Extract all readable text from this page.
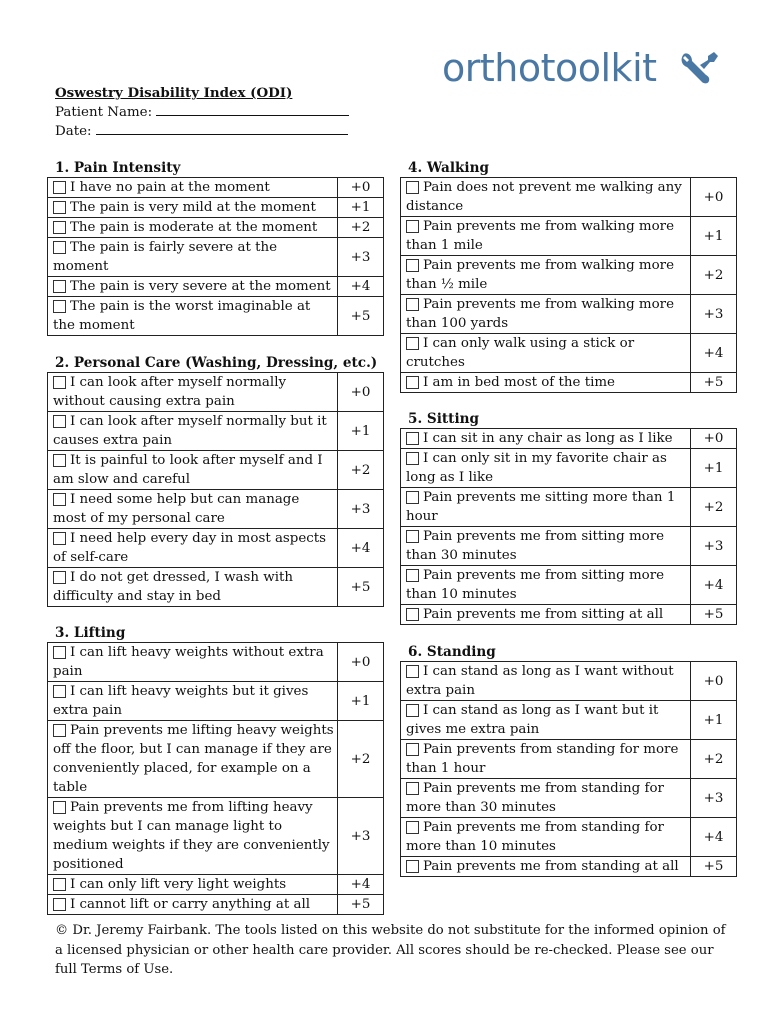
orthotoolkit
Oswestry Disability Index (ODI)
Patient Name:
Date:
1. Pain Intensity
I have no pain at the moment	+0

The pain is very mild at the moment	+1

The pain is moderate at the moment	+2

The pain is fairly severe at the moment	+3

The pain is very severe at the moment	+4

The pain is the worst imaginable at the moment	+5
2. Personal Care (Washing, Dressing, etc.)
I can look after myself normally without causing extra pain	+0

I can look after myself normally but it causes extra pain	+1

It is painful to look after myself and I am slow and careful	+2

I need some help but can manage most of my personal care	+3

I need help every day in most aspects of self-care	+4

I do not get dressed, I wash with difficulty and stay in bed	+5
3. Lifting
I can lift heavy weights without extra pain	+0

I can lift heavy weights but it gives extra pain	+1

Pain prevents me lifting heavy weights off the floor, but I can manage if they are conveniently placed, for example on a table	+2

Pain prevents me from lifting heavy weights but I can manage light to medium weights if they are conveniently positioned	+3

I can only lift very light weights	+4

I cannot lift or carry anything at all	+5
4. Walking
Pain does not prevent me walking any distance	+0

Pain prevents me from walking more than 1 mile	+1

Pain prevents me from walking more than ½ mile	+2

Pain prevents me from walking more than 100 yards	+3

I can only walk using a stick or crutches	+4

I am in bed most of the time	+5
5. Sitting
I can sit in any chair as long as I like	+0

I can only sit in my favorite chair as long as I like	+1

Pain prevents me sitting more than 1 hour	+2

Pain prevents me from sitting more than 30 minutes	+3

Pain prevents me from sitting more than 10 minutes	+4

Pain prevents me from sitting at all	+5
6. Standing
I can stand as long as I want without extra pain	+0

I can stand as long as I want but it gives me extra pain	+1

Pain prevents from standing for more than 1 hour	+2

Pain prevents me from standing for more than 30 minutes	+3

Pain prevents me from standing for more than 10 minutes	+4

Pain prevents me from standing at all	+5
© Dr. Jeremy Fairbank. The tools listed on this website do not substitute for the informed opinion of a licensed physician or other health care provider. All scores should be re-checked. Please see our full Terms of Use.
